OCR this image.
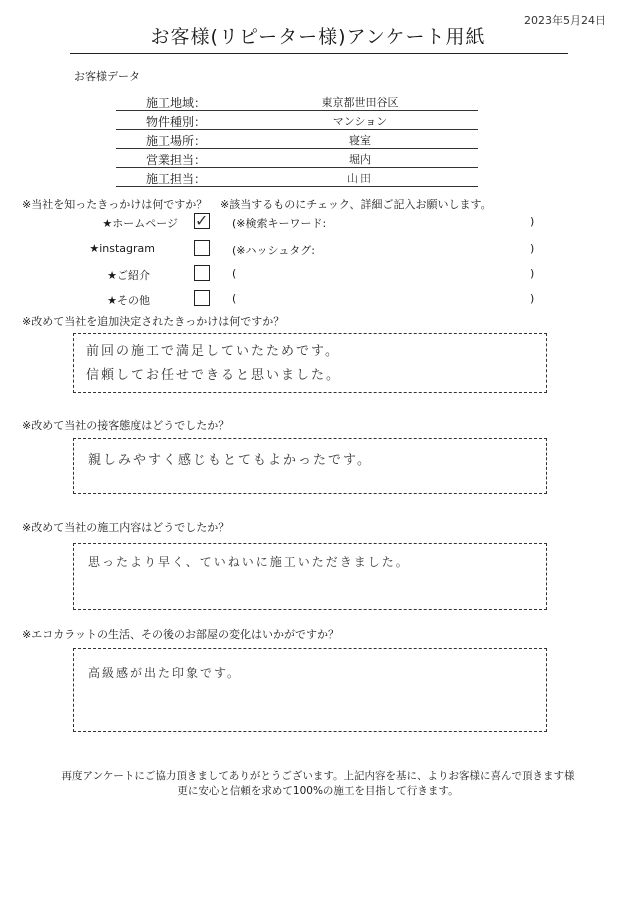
2023年5月24日
お客様(リピーター様)アンケート用紙
お客様データ
施工地域：	東京都世田谷区
物件種別：	マンション
施工場所：	寝室
営業担当：	堀内
施工担当：	山田
※当社を知ったきっかけは何ですか？ ※該当するものにチェック、詳細ご記入お願いします。
★ホームページ ✓ (※検索キーワード:	)
★instagram	(※ハッシュタグ:	)
★ご紹介	(	)
★その他	(	)
※改めて当社を追加決定されたきっかけは何ですか？
前回の施工で満足していたためです。
信頼してお任せできると思いました。
※改めて当社の接客態度はどうでしたか？
親しみやすく感じもとてもよかったです。
※改めて当社の施工内容はどうでしたか？
思ったより早く、ていねいに施工いただきました。
※エコカラットの生活、その後のお部屋の変化はいかがですか？
高級感が出た印象です。
再度アンケートにご協力頂きましてありがとうございます。上記内容を基に、よりお客様に喜んで頂きます様
更に安心と信頼を求めて100%の施工を目指して行きます。
